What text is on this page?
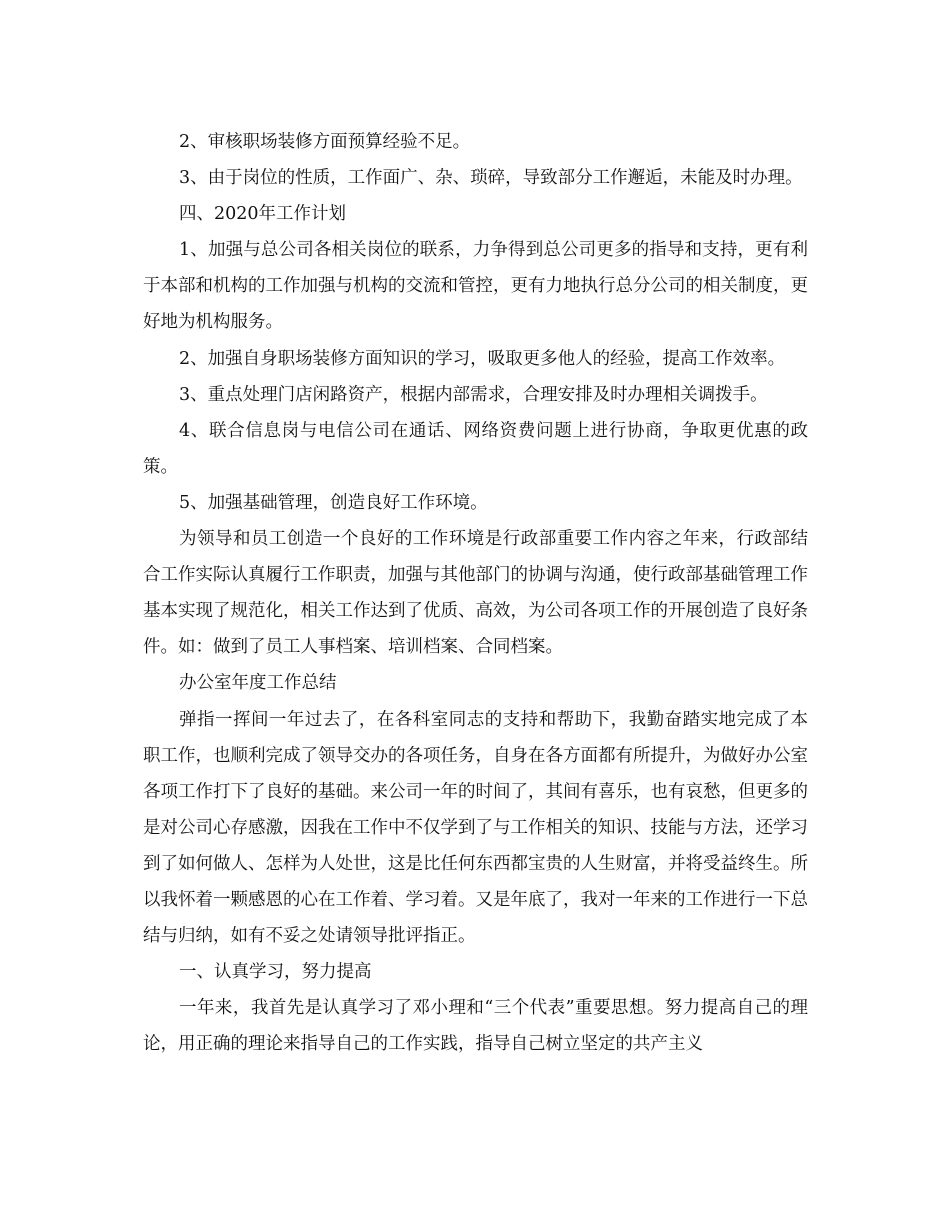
2、审核职场装修方面预算经验不足。

3、由于岗位的性质，工作面广、杂、琐碎，导致部分工作邂逅，未能及时办理。

四、2020年工作计划

1、加强与总公司各相关岗位的联系，力争得到总公司更多的指导和支持，更有利于本部和机构的工作加强与机构的交流和管控，更有力地执行总分公司的相关制度，更好地为机构服务。

2、加强自身职场装修方面知识的学习，吸取更多他人的经验，提高工作效率。

3、重点处理门店闲路资产，根据内部需求，合理安排及时办理相关调拨手。

4、联合信息岗与电信公司在通话、网络资费问题上进行协商，争取更优惠的政策。

5、加强基础管理，创造良好工作环境。

为领导和员工创造一个良好的工作环境是行政部重要工作内容之年来，行政部结合工作实际认真履行工作职责，加强与其他部门的协调与沟通，使行政部基础管理工作基本实现了规范化，相关工作达到了优质、高效，为公司各项工作的开展创造了良好条件。如：做到了员工人事档案、培训档案、合同档案。

办公室年度工作总结

弹指一挥间一年过去了，在各科室同志的支持和帮助下，我勤奋踏实地完成了本职工作，也顺利完成了领导交办的各项任务，自身在各方面都有所提升，为做好办公室各项工作打下了良好的基础。来公司一年的时间了，其间有喜乐，也有哀愁，但更多的是对公司心存感激，因我在工作中不仅学到了与工作相关的知识、技能与方法，还学习到了如何做人、怎样为人处世，这是比任何东西都宝贵的人生财富，并将受益终生。所以我怀着一颗感恩的心在工作着、学习着。又是年底了，我对一年来的工作进行一下总结与归纳，如有不妥之处请领导批评指正。

一、认真学习，努力提高

一年来，我首先是认真学习了邓小理和“三个代表”重要思想。努力提高自己的理论，用正确的理论来指导自己的工作实践，指导自己树立坚定的共产主义
